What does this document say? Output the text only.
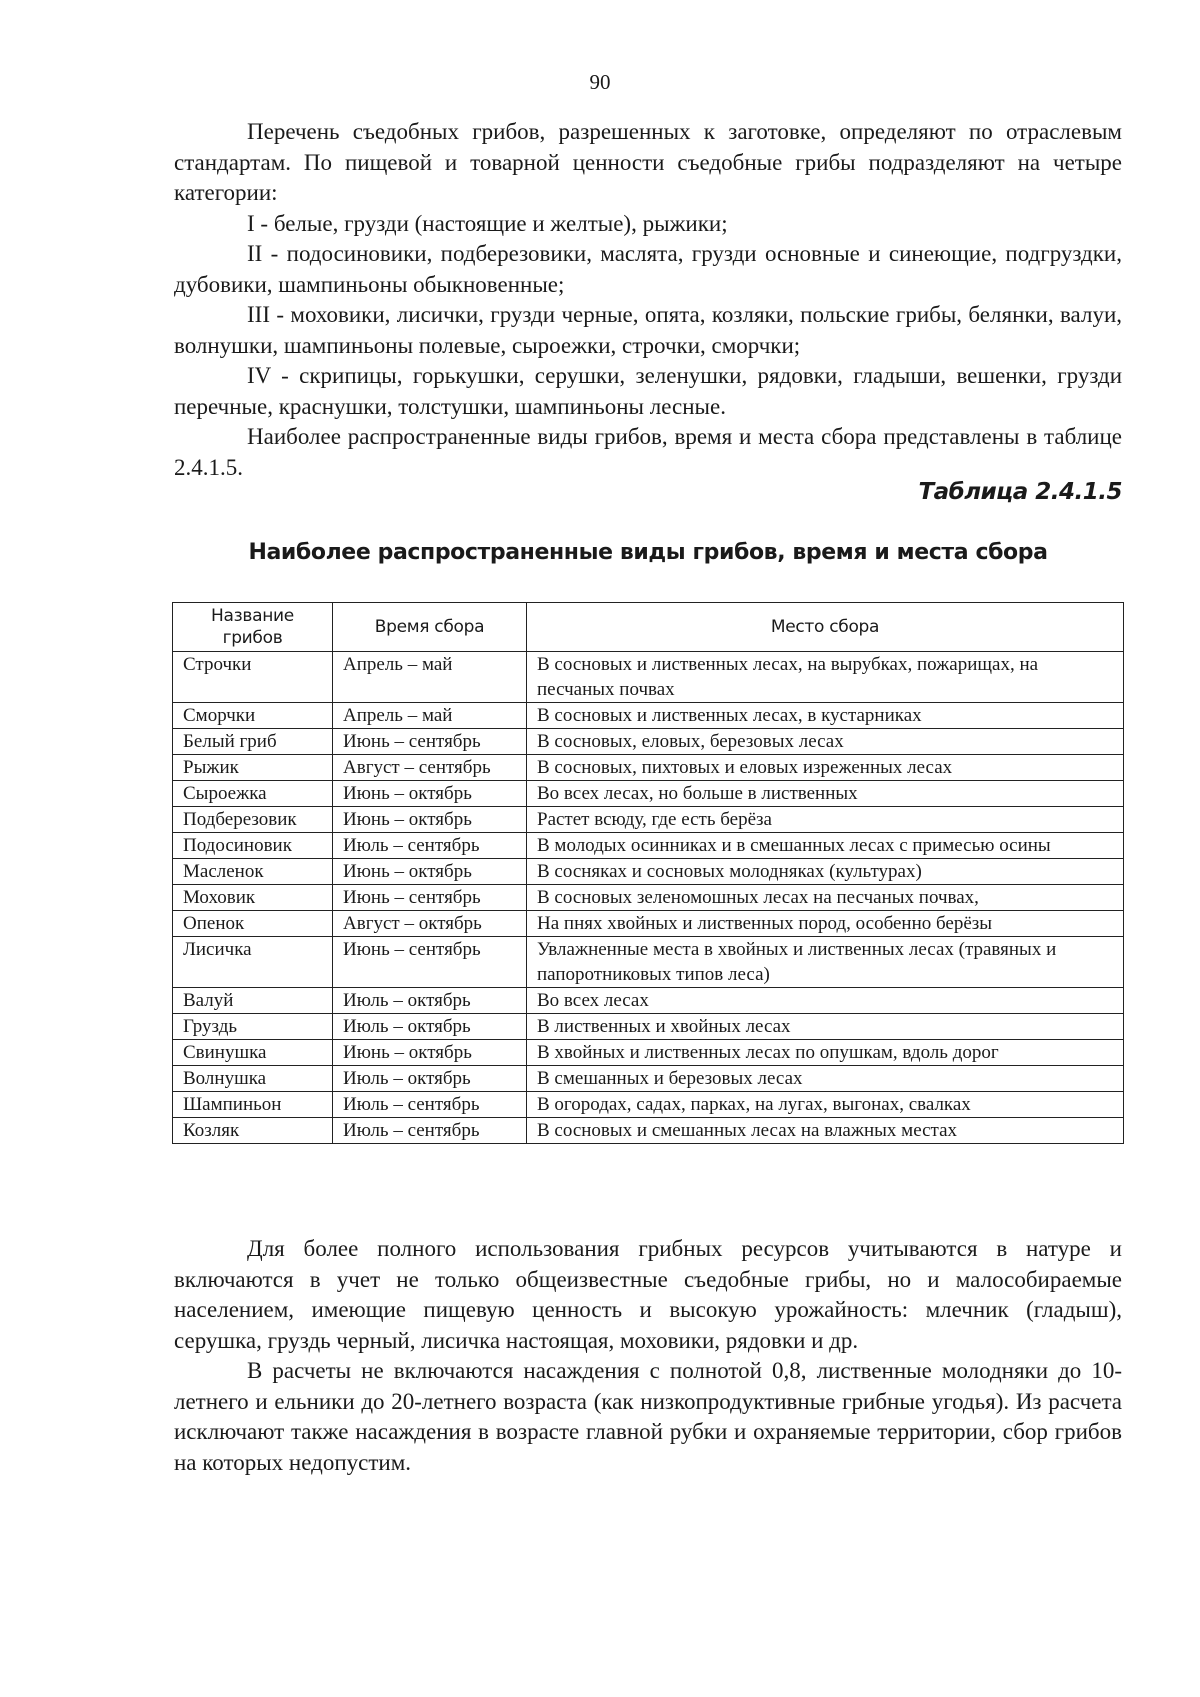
90

Перечень съедобных грибов, разрешенных к заготовке, определяют по отраслевым стандартам. По пищевой и товарной ценности съедобные грибы подразделяют на четыре категории:

I - белые, грузди (настоящие и желтые), рыжики;

II - подосиновики, подберезовики, маслята, грузди основные и синеющие, подгруздки, дубовики, шампиньоны обыкновенные;

III - моховики, лисички, грузди черные, опята, козляки, польские грибы, белянки, валуи, волнушки, шампиньоны полевые, сыроежки, строчки, сморчки;

IV - скрипицы, горькушки, серушки, зеленушки, рядовки, гладыши, вешенки, грузди перечные, краснушки, толстушки, шампиньоны лесные.

Наиболее распространенные виды грибов, время и места сбора представлены в таблице 2.4.1.5.

Таблица 2.4.1.5
Наиболее распространенные виды грибов, время и места сбора
Название грибов	Время сбора	Место сбора
Строчки	Апрель – май	В сосновых и лиственных лесах, на вырубках, пожарищах, на песчаных почвах
Сморчки	Апрель – май	В сосновых и лиственных лесах, в кустарниках
Белый гриб	Июнь – сентябрь	В сосновых, еловых, березовых лесах
Рыжик	Август – сентябрь	В сосновых, пихтовых и еловых изреженных лесах
Сыроежка	Июнь – октябрь	Во всех лесах, но больше в лиственных
Подберезовик	Июнь – октябрь	Растет всюду, где есть берёза
Подосиновик	Июль – сентябрь	В молодых осинниках и в смешанных лесах с примесью осины
Масленок	Июнь – октябрь	В сосняках и сосновых молодняках (культурах)
Моховик	Июнь – сентябрь	В сосновых зеленомошных лесах на песчаных почвах,
Опенок	Август – октябрь	На пнях хвойных и лиственных пород, особенно берёзы
Лисичка	Июнь – сентябрь	Увлажненные места в хвойных и лиственных лесах (травяных и папоротниковых типов леса)
Валуй	Июль – октябрь	Во всех лесах
Груздь	Июль – октябрь	В лиственных и хвойных лесах
Свинушка	Июнь – октябрь	В хвойных и лиственных лесах по опушкам, вдоль дорог
Волнушка	Июль – октябрь	В смешанных и березовых лесах
Шампиньон	Июль – сентябрь	В огородах, садах, парках, на лугах, выгонах, свалках
Козляк	Июль – сентябрь	В сосновых и смешанных лесах на влажных местах

Для более полного использования грибных ресурсов учитываются в натуре и включаются в учет не только общеизвестные съедобные грибы, но и малособираемые населением, имеющие пищевую ценность и высокую урожайность: млечник (гладыш), серушка, груздь черный, лисичка настоящая, моховики, рядовки и др.

В расчеты не включаются насаждения с полнотой 0,8, лиственные молодняки до 10-летнего и ельники до 20-летнего возраста (как низкопродуктивные грибные угодья). Из расчета исключают также насаждения в возрасте главной рубки и охраняемые территории, сбор грибов на которых недопустим.
